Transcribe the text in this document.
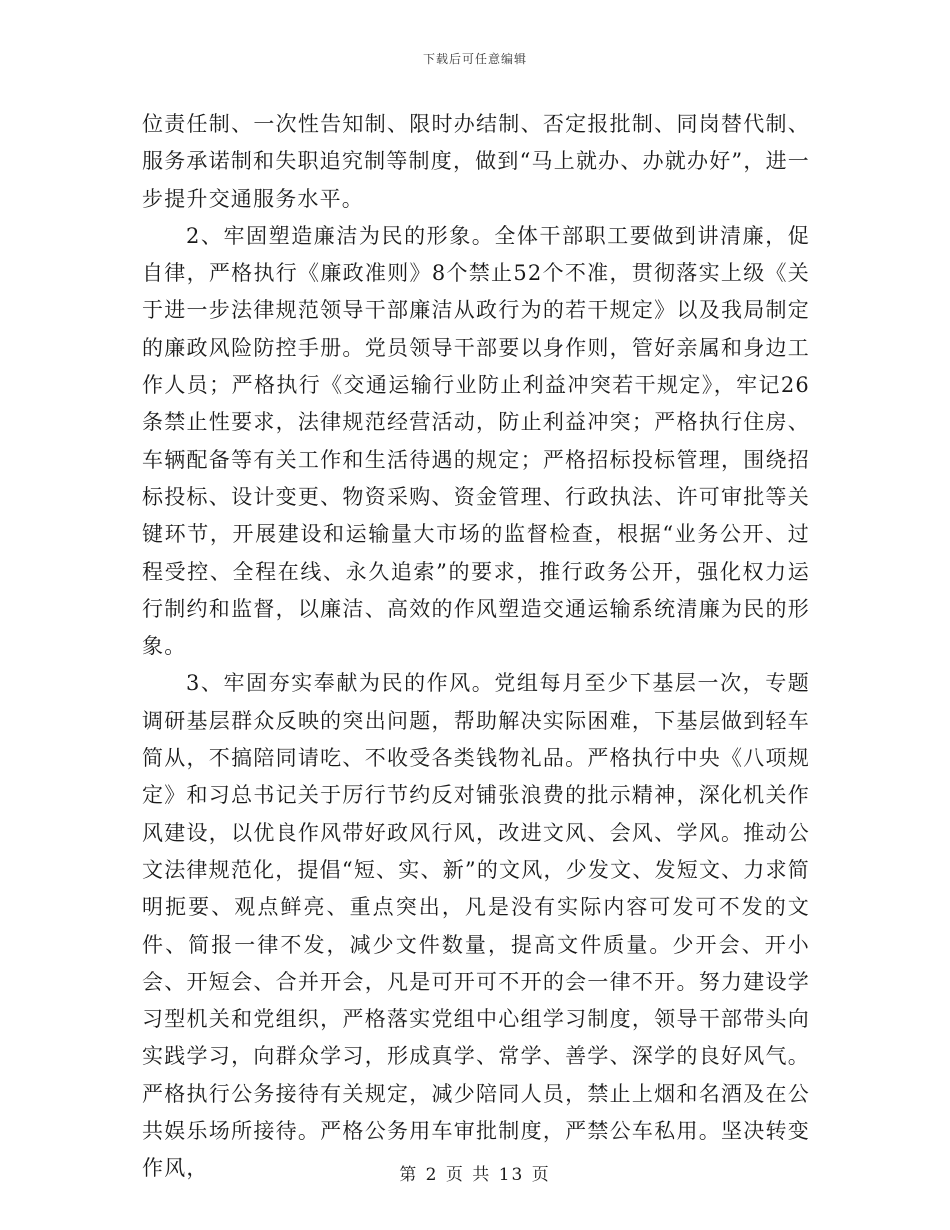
下载后可任意编辑

位责任制、一次性告知制、限时办结制、否定报批制、同岗替代制、服务承诺制和失职追究制等制度，做到“马上就办、办就办好”，进一步提升交通服务水平。

2、牢固塑造廉洁为民的形象。全体干部职工要做到讲清廉，促自律，严格执行《廉政准则》8个禁止52个不准，贯彻落实上级《关于进一步法律规范领导干部廉洁从政行为的若干规定》以及我局制定的廉政风险防控手册。党员领导干部要以身作则，管好亲属和身边工作人员；严格执行《交通运输行业防止利益冲突若干规定》，牢记26条禁止性要求，法律规范经营活动，防止利益冲突；严格执行住房、车辆配备等有关工作和生活待遇的规定；严格招标投标管理，围绕招标投标、设计变更、物资采购、资金管理、行政执法、许可审批等关键环节，开展建设和运输量大市场的监督检查，根据“业务公开、过程受控、全程在线、永久追索”的要求，推行政务公开，强化权力运行制约和监督，以廉洁、高效的作风塑造交通运输系统清廉为民的形象。

3、牢固夯实奉献为民的作风。党组每月至少下基层一次，专题调研基层群众反映的突出问题，帮助解决实际困难，下基层做到轻车简从，不搞陪同请吃、不收受各类钱物礼品。严格执行中央《八项规定》和习总书记关于厉行节约反对铺张浪费的批示精神，深化机关作风建设，以优良作风带好政风行风，改进文风、会风、学风。推动公文法律规范化，提倡“短、实、新”的文风，少发文、发短文、力求简明扼要、观点鲜亮、重点突出，凡是没有实际内容可发可不发的文件、简报一律不发，减少文件数量，提高文件质量。少开会、开小会、开短会、合并开会，凡是可开可不开的会一律不开。努力建设学习型机关和党组织，严格落实党组中心组学习制度，领导干部带头向实践学习，向群众学习，形成真学、常学、善学、深学的良好风气。严格执行公务接待有关规定，减少陪同人员，禁止上烟和名酒及在公共娱乐场所接待。严格公务用车审批制度，严禁公车私用。坚决转变作风，	第 2 页 共 13 页
